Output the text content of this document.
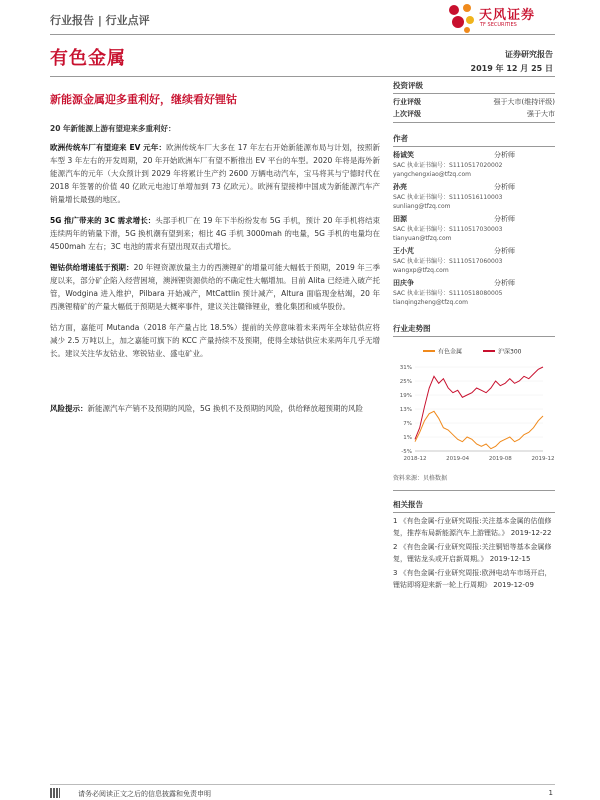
行业报告 | 行业点评	天风证券
TF SECURITIES
有色金属	证券研究报告
2019 年 12 月 25 日
新能源金属迎多重利好，继续看好锂钴
20 年新能源上游有望迎来多重利好：

欧洲传统车厂有望迎来 EV 元年：欧洲传统车厂大多在 17 年左右开始新能源布局与计划，按照新车型 3 年左右的开发周期，20 年开始欧洲车厂有望不断推出 EV 平台的车型。2020 年将是海外新能源汽车的元年（大众预计到 2029 年将累计生产约 2600 万辆电动汽车，宝马将其与宁德时代在 2018 年签署的价值 40 亿欧元电池订单增加到 73 亿欧元）。欧洲有望接棒中国成为新能源汽车产销量增长最强的地区。

5G 推广带来的 3C 需求增长：头部手机厂在 19 年下半纷纷发布 5G 手机，预计 20 年手机将结束连续两年的销量下滑，5G 换机潮有望到来；相比 4G 手机 3000mah 的电量，5G 手机的电量均在 4500mah 左右；3C 电池的需求有望出现双击式增长。

锂钴供给增速低于预期：20 年锂资源放量主力的西澳锂矿的增量可能大幅低于预期，2019 年三季度以来，部分矿企陷入经营困境，澳洲锂资源供给的不确定性大幅增加。目前 Alita 已经进入破产托管，Wodgina 进入维护，Pilbara 开始减产，MtCattlin 预计减产，Altura 面临现金枯竭，20 年西澳锂精矿的产量大幅低于预期是大概率事件，建议关注赣锋锂业，雅化集团和威华股份。

钴方面，嘉能可 Mutanda（2018 年产量占比 18.5%）提前的关停意味着未来两年全球钴供应将减少 2.5 万吨以上，加之嘉能可旗下的 KCC 产量持续不及预期，使得全球钴供应未来两年几乎无增长。建议关注华友钴业、寒锐钴业、盛屯矿业。

风险提示：新能源汽车产销不及预期的风险，5G 换机不及预期的风险，供给释放超预期的风险

投资评级
行业评级	强于大市(维持评级)
上次评级	强于大市
作者
杨诚笑	分析师
SAC 执业证书编号：S1110517020002
yangchengxiao@tfzq.com
孙亮	分析师
SAC 执业证书编号：S1110516110003
sunliang@tfzq.com
田源	分析师
SAC 执业证书编号：S1110517030003
tianyuan@tfzq.com
王小芃	分析师
SAC 执业证书编号：S1110517060003
wangxp@tfzq.com
田庆争	分析师
SAC 执业证书编号：S1110518080005
tianqingzheng@tfzq.com
行业走势图
有色金属	沪深300
31%
25%
19%
13%
7%
1%
-5%
2018-12	2019-04	2019-08	2019-12
资料来源：贝格数据
相关报告
1 《有色金属-行业研究周报:关注基本金属的估值修复，推荐布局新能源汽车上游锂钴。》 2019-12-22
2 《有色金属-行业研究周报:关注铜铝等基本金属修复，锂钴龙头或开启新周期。》 2019-12-15
3 《有色金属-行业研究周报:欧洲电动车市场开启，锂钴即将迎来新一轮上行周期》 2019-12-09
请务必阅读正文之后的信息披露和免责申明	1
